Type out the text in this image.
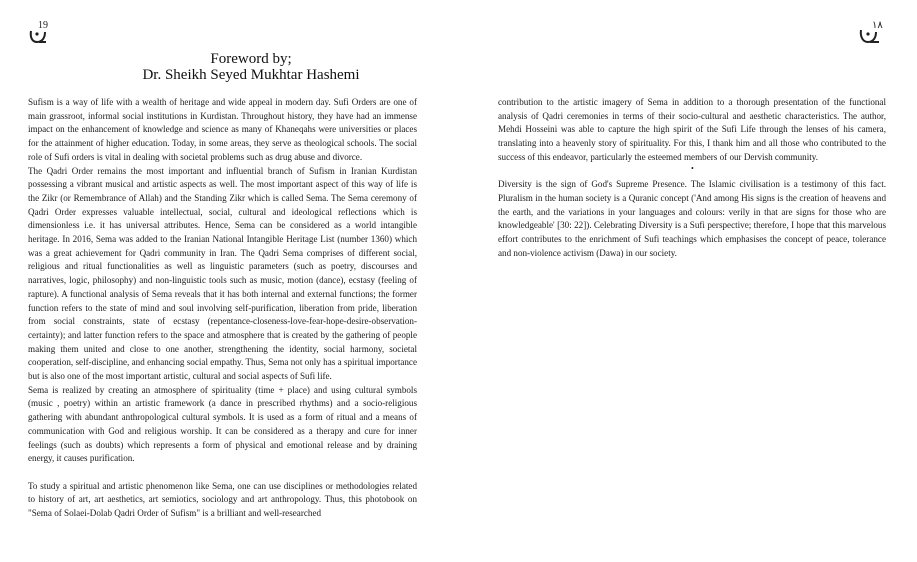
19
Foreword by;
Dr. Sheikh Seyed Mukhtar Hashemi

Sufism is a way of life with a wealth of heritage and wide appeal in modern day. Sufi Orders are one of main grassroot, informal social institutions in Kurdistan. Throughout history, they have had an immense impact on the enhancement of knowledge and science as many of Khaneqahs were universities or places for the attainment of higher education. Today, in some areas, they serve as theological schools. The social role of Sufi orders is vital in dealing with societal problems such as drug abuse and divorce.

The Qadri Order remains the most important and influential branch of Sufism in Iranian Kurdistan possessing a vibrant musical and artistic aspects as well. The most important aspect of this way of life is the Zikr (or Remembrance of Allah) and the Standing Zikr which is called Sema. The Sema ceremony of Qadri Order expresses valuable intellectual, social, cultural and ideological reflections which is dimensionless i.e. it has universal attributes. Hence, Sema can be considered as a world intangible heritage. In 2016, Sema was added to the Iranian National Intangible Heritage List (number 1360) which was a great achievement for Qadri community in Iran. The Qadri Sema comprises of different social, religious and ritual functionalities as well as linguistic parameters (such as poetry, discourses and narratives, logic, philosophy) and non-linguistic tools such as music, motion (dance), ecstasy (feeling of rapture). A functional analysis of Sema reveals that it has both internal and external functions; the former function refers to the state of mind and soul involving self-purification, liberation from pride, liberation from social constraints, state of ecstasy (repentance-closeness-love-fear-hope-desire-observation-certainty); and latter function refers to the space and atmosphere that is created by the gathering of people making them united and close to one another, strengthening the identity, social harmony, societal cooperation, self-discipline, and enhancing social empathy. Thus, Sema not only has a spiritual importance but is also one of the most important artistic, cultural and social aspects of Sufi life.

Sema is realized by creating an atmosphere of spirituality (time + place) and using cultural symbols (music , poetry) within an artistic framework (a dance in prescribed rhythms) and a socio-religious gathering with abundant anthropological cultural symbols. It is used as a form of ritual and a means of communication with God and religious worship. It can be considered as a therapy and cure for inner feelings (such as doubts) which represents a form of physical and emotional release and by draining energy, it causes purification.

To study a spiritual and artistic phenomenon like Sema, one can use disciplines or methodologies related to history of art, art aesthetics, art semiotics, sociology and art anthropology. Thus, this photobook on "Sema of Solaei-Dolab Qadri Order of Sufism" is a brilliant and well-researched

۱۸

contribution to the artistic imagery of Sema in addition to a thorough presentation of the functional analysis of Qadri ceremonies in terms of their socio-cultural and aesthetic characteristics. The author, Mehdi Hosseini was able to capture the high spirit of the Sufi Life through the lenses of his camera, translating into a heavenly story of spirituality. For this, I thank him and all those who contributed to the success of this endeavor, particularly the esteemed members of our Dervish community.

Diversity is the sign of God's Supreme Presence. The Islamic civilisation is a testimony of this fact. Pluralism in the human society is a Quranic concept ('And among His signs is the creation of heavens and the earth, and the variations in your languages and colours: verily in that are signs for those who are knowledgeable' [30: 22]). Celebrating Diversity is a Sufi perspective; therefore, I hope that this marvelous effort contributes to the enrichment of Sufi teachings which emphasises the concept of peace, tolerance and non-violence activism (Dawa) in our society.

•
